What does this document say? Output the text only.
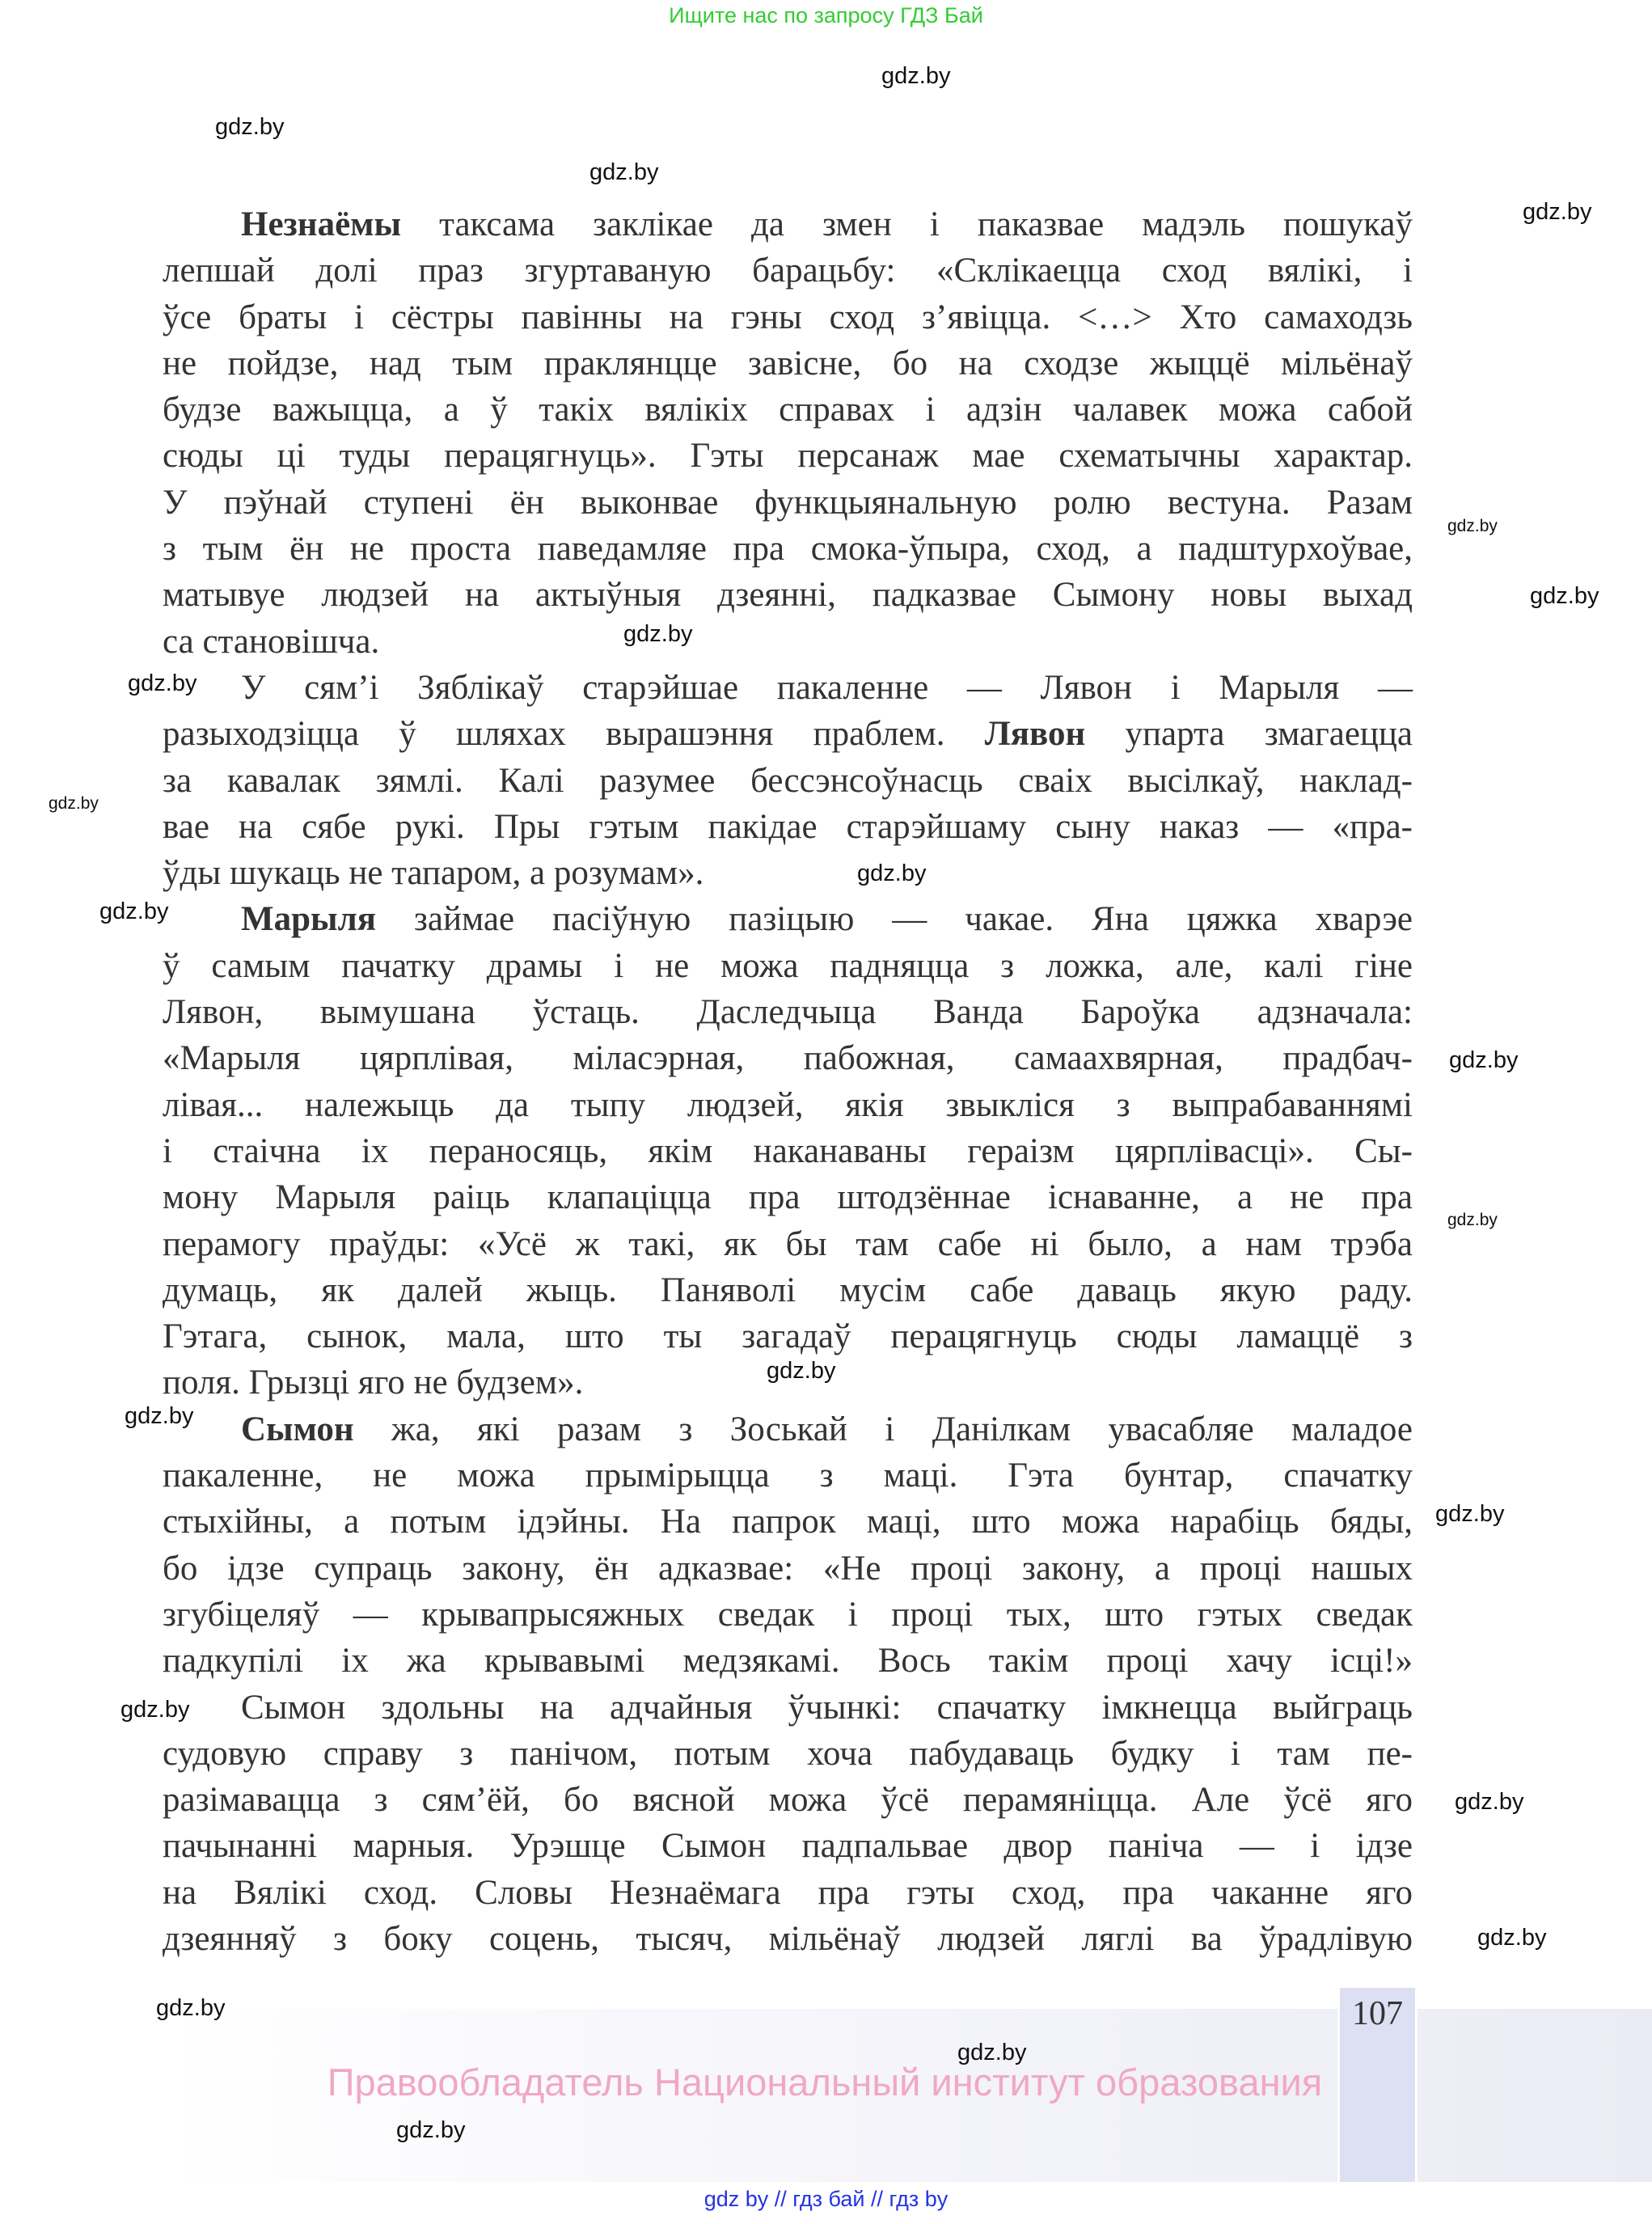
Ищите нас по запросу ГДЗ Бай
107
Правообладатель Национальный институт образования
gdz by // гдз бай // гдз by
Незнаёмы таксама заклікае да змен і паказвае мадэль пошукаў
лепшай долі праз згуртаваную барацьбу: «Склікаецца сход вялікі, і
ўсе браты і сёстры павінны на гэны сход з’явіцца. <…> Хто самаходзь
не пойдзе, над тым праклянцце завісне, бо на сходзе жыццё мільёнаў
будзе важыцца, а ў такіх вялікіх справах і адзін чалавек можа сабой
сюды ці туды перацягнуць». Гэты персанаж мае схематычны характар.
У пэўнай ступені ён выконвае функцыянальную ролю вестуна. Разам
з тым ён не проста паведамляе пра смока-ўпыра, сход, а падштурхоўвае,
матывуе людзей на актыўныя дзеянні, падказвае Сымону новы выхад
са становішча.
У сям’і Зяблікаў старэйшае пакаленне — Лявон і Марыля —
разыходзіцца ў шляхах вырашэння праблем. Лявон упарта змагаецца
за кавалак зямлі. Калі разумее бессэнсоўнасць сваіх высілкаў, наклад-
вае на сябе рукі. Пры гэтым пакідае старэйшаму сыну наказ — «пра-
ўды шукаць не тапаром, а розумам».
Марыля займае пасіўную пазіцыю — чакае. Яна цяжка хварэе
ў самым пачатку драмы і не можа падняцца з ложка, але, калі гіне
Лявон, вымушана ўстаць. Даследчыца Ванда Бароўка адзначала:
«Марыля цярплівая, міласэрная, пабожная, самаахвярная, прадбач-
лівая... належыць да тыпу людзей, якія звыкліся з выпрабаваннямі
і стаічна іх пераносяць, якім наканаваны гераізм цярплівасці». Сы-
мону Марыля раіць клапаціцца пра штодзённае існаванне, а не пра
перамогу праўды: «Усё ж такі, як бы там сабе ні было, а нам трэба
думаць, як далей жыць. Паняволі мусім сабе даваць якую раду.
Гэтага, сынок, мала, што ты загадаў перацягнуць сюды ламаццё з
поля. Грызці яго не будзем».
Сымон жа, які разам з Зоськай і Данілкам увасабляе маладое
пакаленне, не можа прымірыцца з маці. Гэта бунтар, спачатку
стыхійны, а потым ідэйны. На папрок маці, што можа нарабіць бяды,
бо ідзе супраць закону, ён адказвае: «Не процi закону, а процi нашых
згубіцеляў — крывапрысяжных сведак і процi тых, што гэтых сведак
падкупілі іх жа крывавымі медзякамі. Вось такім процi хачу ісці!»
Сымон здольны на адчайныя ўчынкі: спачатку імкнецца выйграць
судовую справу з панічом, потым хоча пабудаваць будку і там пе-
разімавацца з сям’ёй, бо вясной можа ўсё перамяніцца. Але ўсё яго
пачынанні марныя. Урэшце Сымон падпальвае двор паніча — і ідзе
на Вялікі сход. Словы Незнаёмага пра гэты сход, пра чаканне яго
дзеянняў з боку соцень, тысяч, мільёнаў людзей ляглі ва ўрадлівую
gdz.by
gdz.by
gdz.by
gdz.by
gdz.by
gdz.by
gdz.by
gdz.by
gdz.by
gdz.by
gdz.by
gdz.by
gdz.by
gdz.by
gdz.by
gdz.by
gdz.by
gdz.by
gdz.by
gdz.by
gdz.by
gdz.by
